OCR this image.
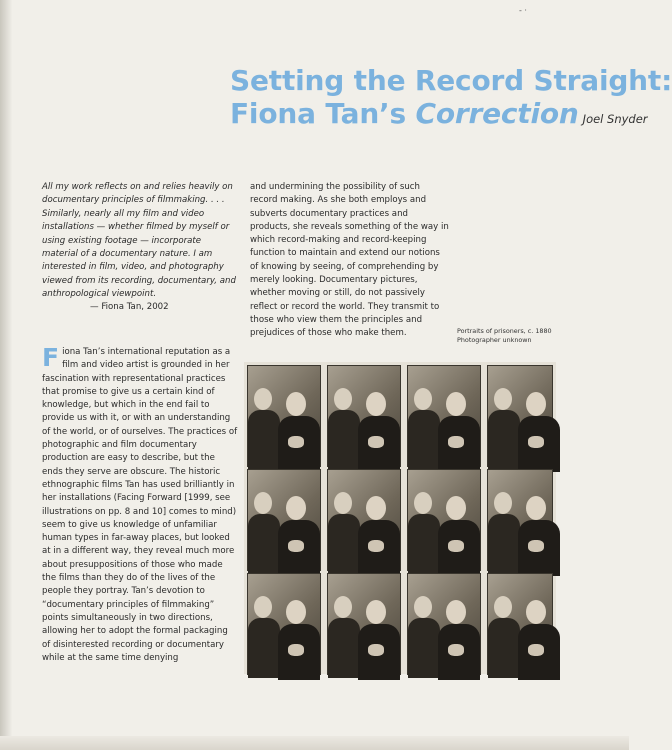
- ·
Setting the Record Straight:
Fiona Tan’s Correction Joel Snyder
All my work reflects on and relies heavily on documentary principles of filmmaking. . . . Similarly, nearly all my film and video installations — whether filmed by myself or using existing footage — incorporate material of a documentary nature. I am interested in film, video, and photography viewed from its recording, documentary, and anthropological viewpoint.
— Fiona Tan, 2002
and undermining the possibility of such record making. As she both employs and subverts documentary practices and products, she reveals something of the way in which record-making and record-keeping function to maintain and extend our notions of knowing by seeing, of comprehending by merely looking. Documentary pictures, whether moving or still, do not passively reflect or record the world. They transmit to those who view them the principles and prejudices of those who make them.
Fiona Tan’s international reputation as a film and video artist is grounded in her fascination with representational practices that promise to give us a certain kind of knowledge, but which in the end fail to provide us with it, or with an understanding of the world, or of ourselves. The practices of photographic and film documentary production are easy to describe, but the ends they serve are obscure. The historic ethnographic films Tan has used brilliantly in her installations (Facing Forward [1999, see illustrations on pp. 8 and 10] comes to mind) seem to give us knowledge of unfamiliar human types in far-away places, but looked at in a different way, they reveal much more about presuppositions of those who made the films than they do of the lives of the people they portray. Tan’s devotion to “documentary principles of filmmaking” points simultaneously in two directions, allowing her to adopt the formal packaging of disinterested recording or documentary while at the same time denying
Portraits of prisoners, c. 1880
Photographer unknown
